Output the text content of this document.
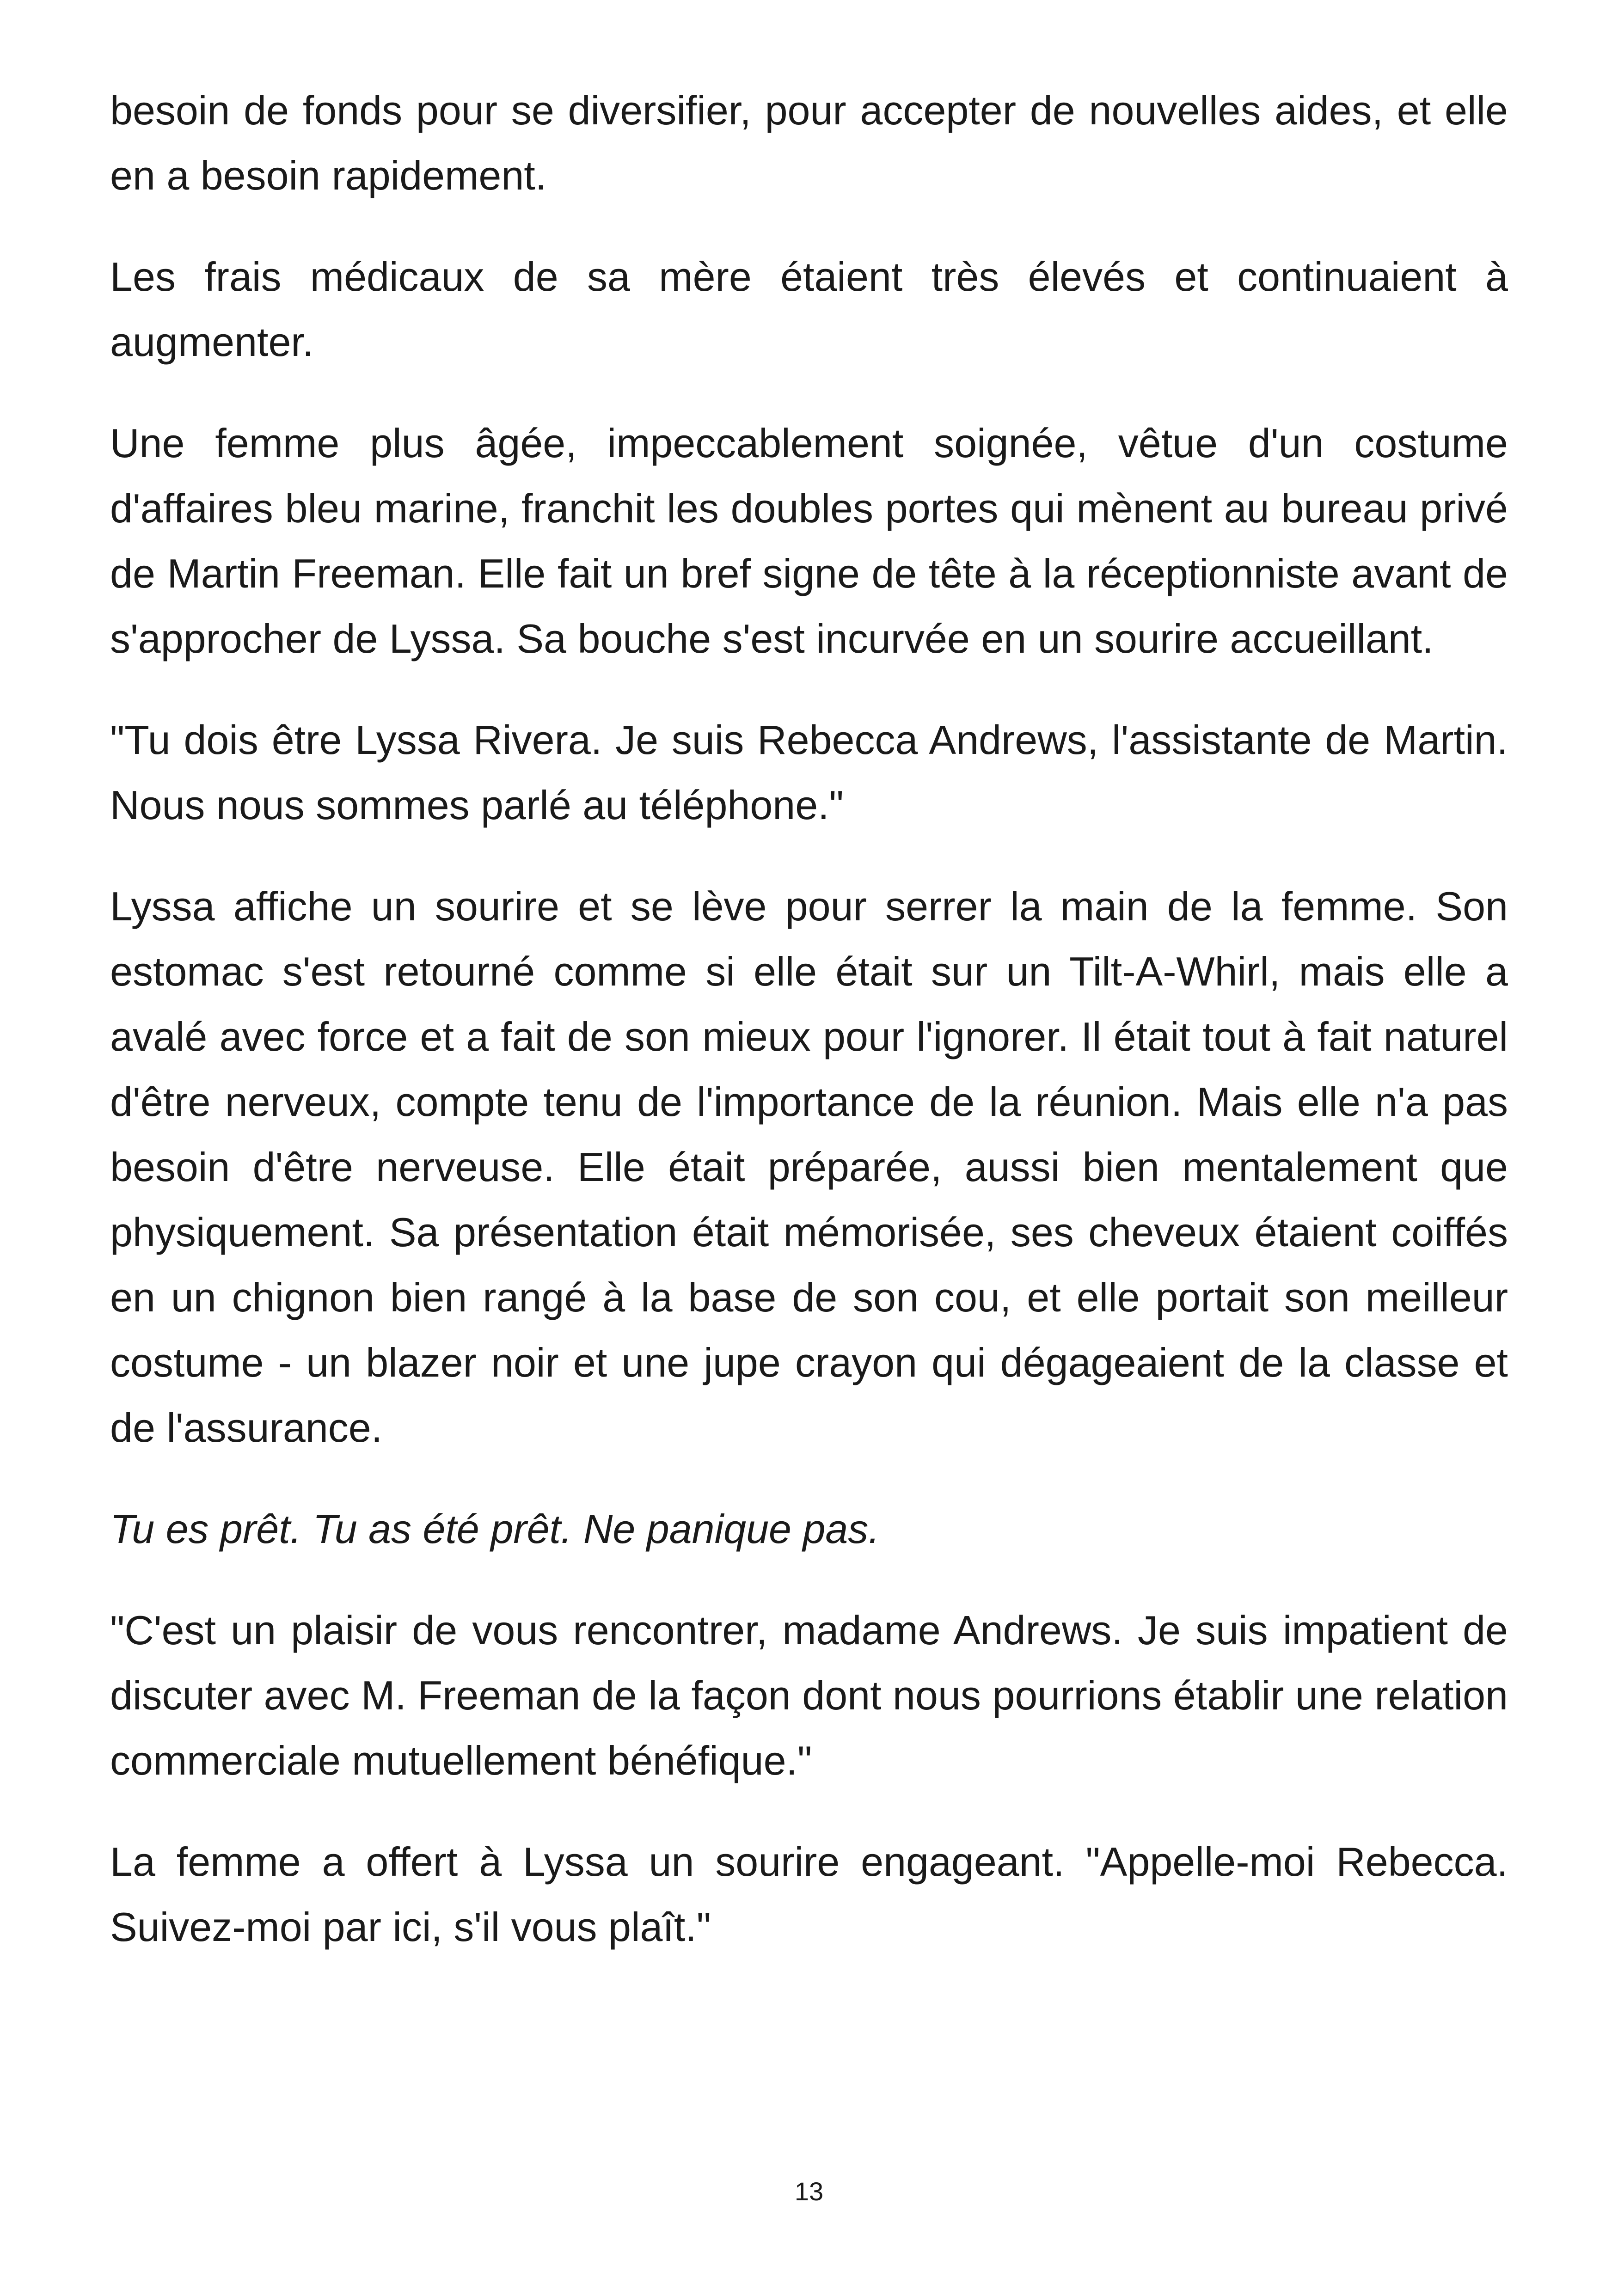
besoin de fonds pour se diversifier, pour accepter de nouvelles aides, et elle en a besoin rapidement.

Les frais médicaux de sa mère étaient très élevés et continuaient à augmenter.

Une femme plus âgée, impeccablement soignée, vêtue d'un costume d'affaires bleu marine, franchit les doubles portes qui mènent au bureau privé de Martin Freeman. Elle fait un bref signe de tête à la réceptionniste avant de s'approcher de Lyssa. Sa bouche s'est incurvée en un sourire accueillant.

"Tu dois être Lyssa Rivera. Je suis Rebecca Andrews, l'assistante de Martin. Nous nous sommes parlé au téléphone."

Lyssa affiche un sourire et se lève pour serrer la main de la femme. Son estomac s'est retourné comme si elle était sur un Tilt-A-Whirl, mais elle a avalé avec force et a fait de son mieux pour l'ignorer. Il était tout à fait naturel d'être nerveux, compte tenu de l'importance de la réunion. Mais elle n'a pas besoin d'être nerveuse. Elle était préparée, aussi bien mentalement que physiquement. Sa présentation était mémorisée, ses cheveux étaient coiffés en un chignon bien rangé à la base de son cou, et elle portait son meilleur costume - un blazer noir et une jupe crayon qui dégageaient de la classe et de l'assurance.

Tu es prêt. Tu as été prêt. Ne panique pas.

"C'est un plaisir de vous rencontrer, madame Andrews. Je suis impatient de discuter avec M. Freeman de la façon dont nous pourrions établir une relation commerciale mutuellement bénéfique."

La femme a offert à Lyssa un sourire engageant. "Appelle-moi Rebecca. Suivez-moi par ici, s'il vous plaît."

13
